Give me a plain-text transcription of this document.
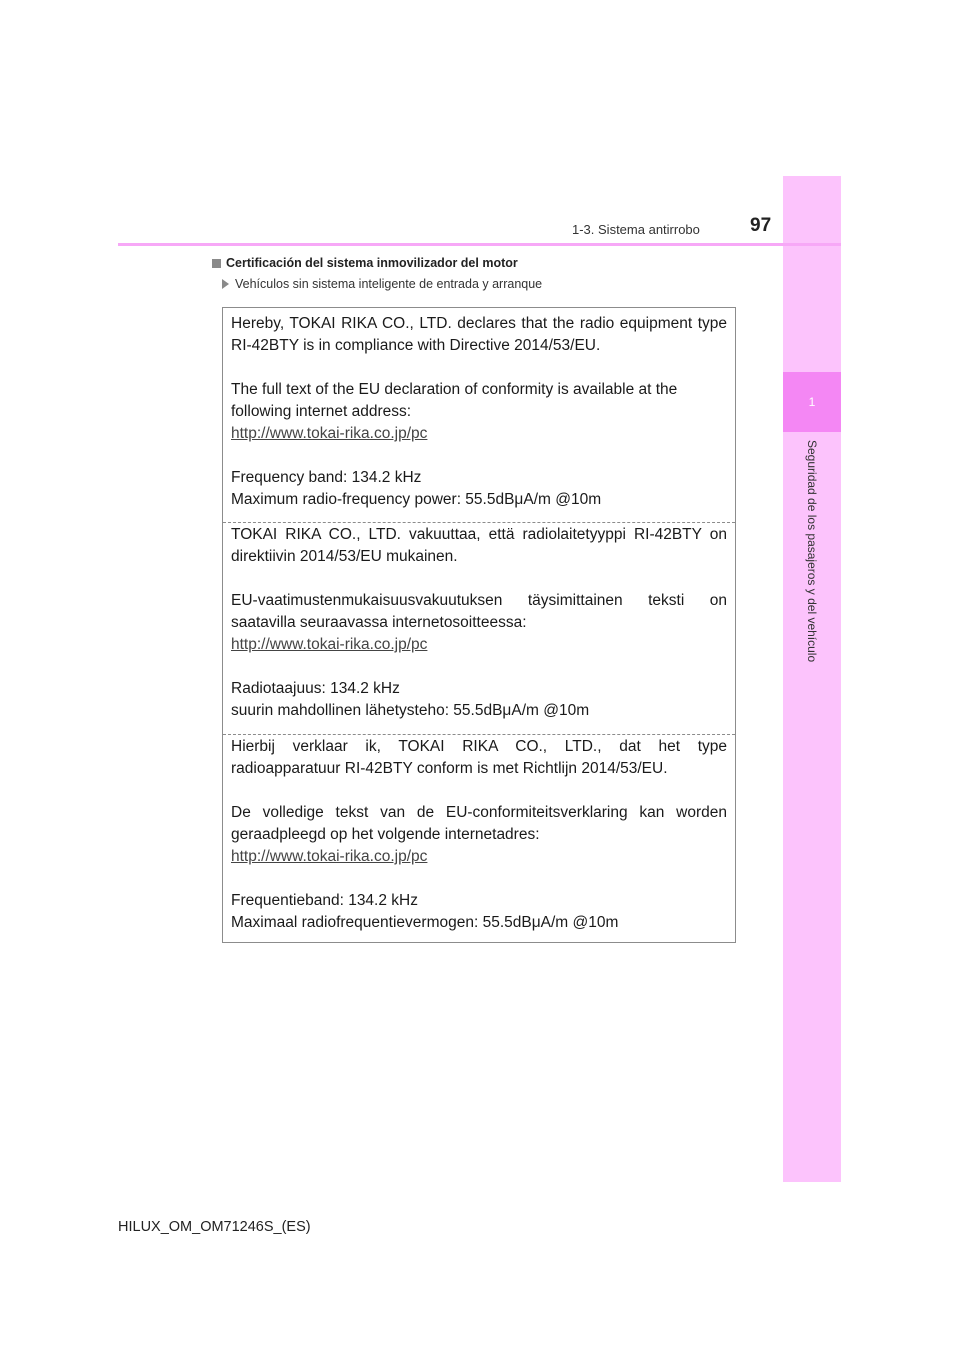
1
Seguridad de los pasajeros y del vehículo
1-3. Sistema antirrobo	97
Certificación del sistema inmovilizador del motor
Vehículos sin sistema inteligente de entrada y arranque

Hereby, TOKAI RIKA CO., LTD. declares that the radio equipment type

RI-42BTY is in compliance with Directive 2014/53/EU.

The full text of the EU declaration of conformity is available at the

following internet address:

http://www.tokai-rika.co.jp/pc

Frequency band: 134.2 kHz

Maximum radio-frequency power: 55.5dBμA/m @10m

TOKAI RIKA CO., LTD. vakuuttaa, että radiolaitetyyppi RI-42BTY on

direktiivin 2014/53/EU mukainen.

EU-vaatimustenmukaisuusvakuutuksen täysimittainen teksti on

saatavilla seuraavassa internetosoitteessa:

http://www.tokai-rika.co.jp/pc

Radiotaajuus: 134.2 kHz

suurin mahdollinen lähetysteho: 55.5dBμA/m @10m

Hierbij verklaar ik, TOKAI RIKA CO., LTD., dat het type

radioapparatuur RI-42BTY conform is met Richtlijn 2014/53/EU.

De volledige tekst van de EU-conformiteitsverklaring kan worden

geraadpleegd op het volgende internetadres:

http://www.tokai-rika.co.jp/pc

Frequentieband: 134.2 kHz

Maximaal radiofrequentievermogen: 55.5dBμA/m @10m

HILUX_OM_OM71246S_(ES)
